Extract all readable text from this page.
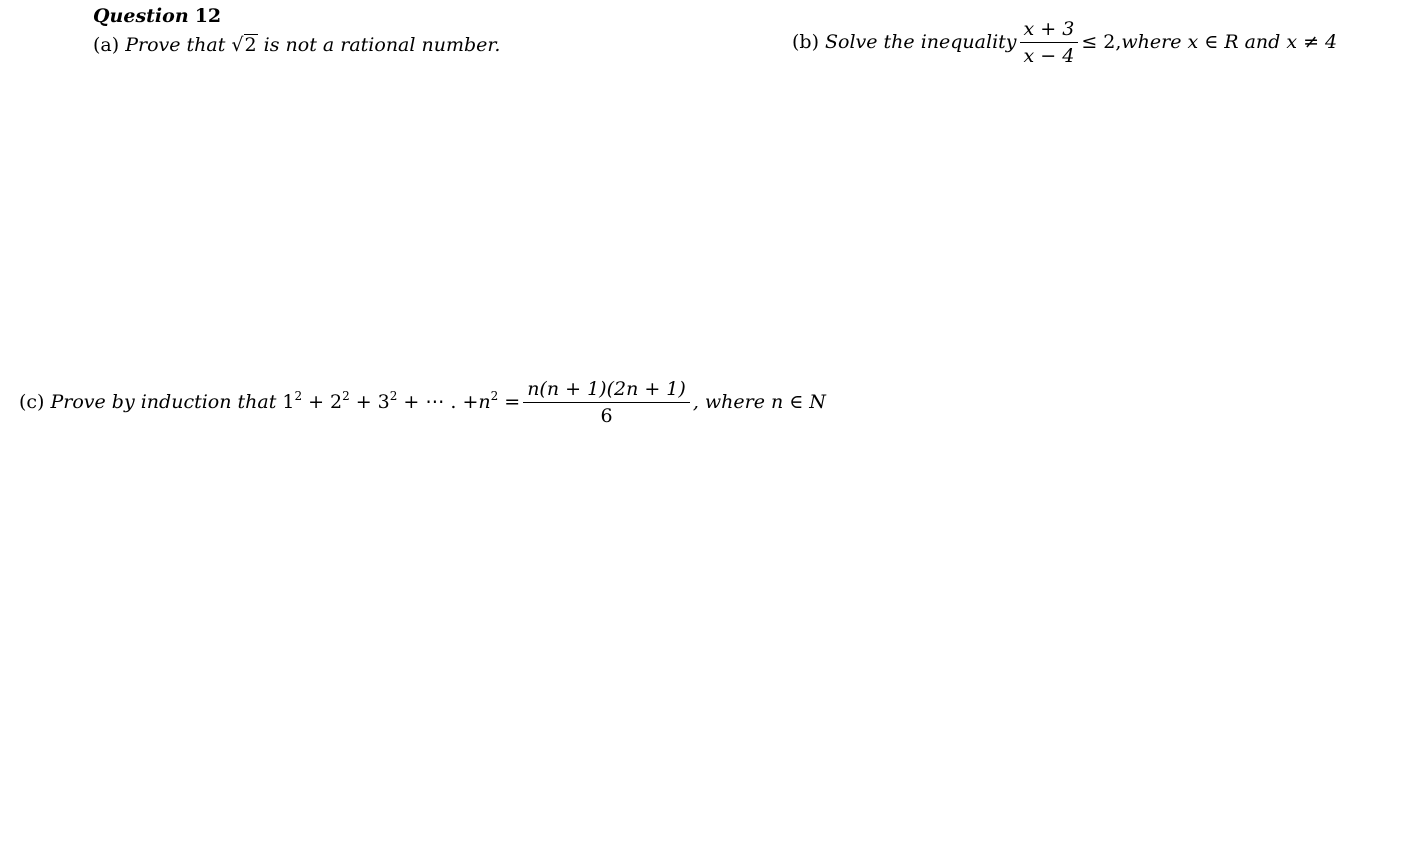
Question 12
(a) Prove that √2 is not a rational number.	(b) Solve the inequality $\frac{x + 3}{x - 4} \le 2$, where x ∈ R and x ≠ 4
(c) Prove by induction that $1^2 + 2^2 + 3^2$ + ⋯ . + $n^2 = \frac{n(n + 1)(2n + 1)}{6}$ , where n ∈ N
